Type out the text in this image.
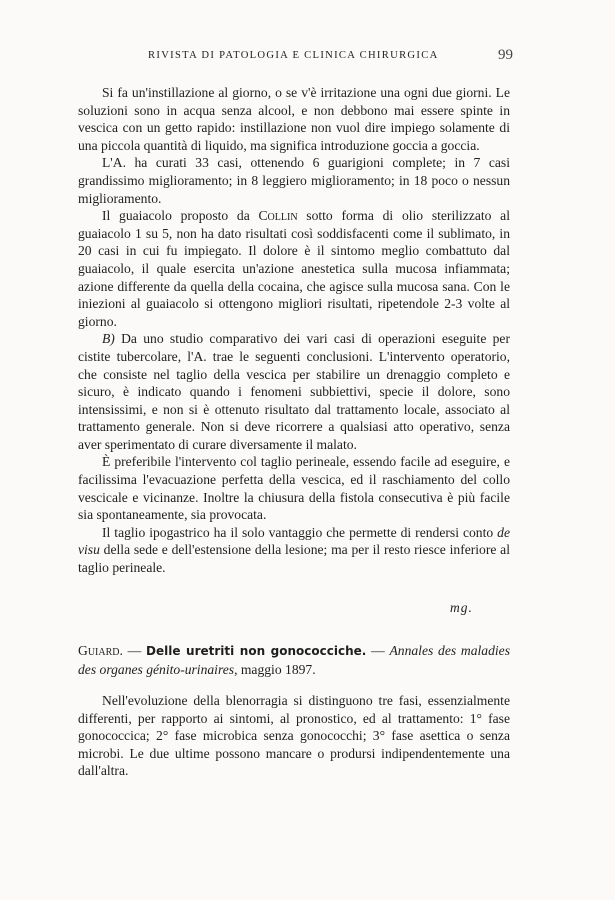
RIVISTA DI PATOLOGIA E CLINICA CHIRURGICA	99

Si fa un'instillazione al giorno, o se v'è irritazione una ogni due giorni. Le soluzioni sono in acqua senza alcool, e non debbono mai essere spinte in vescica con un getto rapido: instillazione non vuol dire impiego solamente di una piccola quantità di liquido, ma significa introduzione goccia a goccia.

L'A. ha curati 33 casi, ottenendo 6 guarigioni complete; in 7 casi grandissimo miglioramento; in 8 leggiero miglioramento; in 18 poco o nessun miglioramento.

Il guaiacolo proposto da Collin sotto forma di olio sterilizzato al guaiacolo 1 su 5, non ha dato risultati così soddisfacenti come il sublimato, in 20 casi in cui fu impiegato. Il dolore è il sintomo meglio combattuto dal guaiacolo, il quale esercita un'azione anestetica sulla mucosa infiammata; azione differente da quella della cocaina, che agisce sulla mucosa sana. Con le iniezioni al guaiacolo si ottengono migliori risultati, ripetendole 2-3 volte al giorno.

B) Da uno studio comparativo dei vari casi di operazioni eseguite per cistite tubercolare, l'A. trae le seguenti conclusioni. L'intervento operatorio, che consiste nel taglio della vescica per stabilire un drenaggio completo e sicuro, è indicato quando i fenomeni subbiettivi, specie il dolore, sono intensissimi, e non si è ottenuto risultato dal trattamento locale, associato al trattamento generale. Non si deve ricorrere a qualsiasi atto operativo, senza aver sperimentato di curare diversamente il malato.

È preferibile l'intervento col taglio perineale, essendo facile ad eseguire, e facilissima l'evacuazione perfetta della vescica, ed il raschiamento del collo vescicale e vicinanze. Inoltre la chiusura della fistola consecutiva è più facile sia spontaneamente, sia provocata.

Il taglio ipogastrico ha il solo vantaggio che permette di rendersi conto de visu della sede e dell'estensione della lesione; ma per il resto riesce inferiore al taglio perineale.

mg.
Guiard. — Delle uretriti non gonococciche. — Annales des maladies des organes génito-urinaires, maggio 1897.

Nell'evoluzione della blenorragia si distinguono tre fasi, essenzialmente differenti, per rapporto ai sintomi, al pronostico, ed al trattamento: 1° fase gonococcica; 2° fase microbica senza gonococchi; 3° fase asettica o senza microbi. Le due ultime possono mancare o prodursi indipendentemente una dall'altra.
